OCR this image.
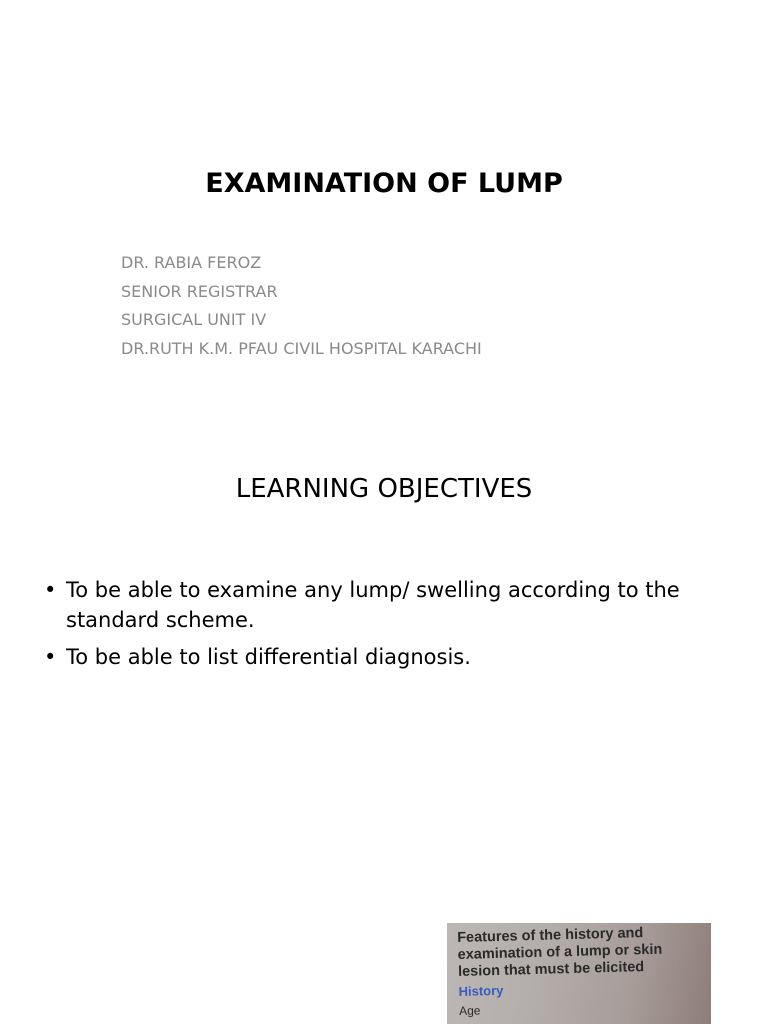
EXAMINATION OF LUMP
DR. RABIA FEROZ
SENIOR REGISTRAR
SURGICAL UNIT IV
DR.RUTH K.M. PFAU CIVIL HOSPITAL KARACHI
LEARNING OBJECTIVES
• To be able to examine any lump/ swelling according to the standard scheme.
• To be able to list differential diagnosis.
Features of the history and
examination of a lump or skin
lesion that must be elicited
History
Age
